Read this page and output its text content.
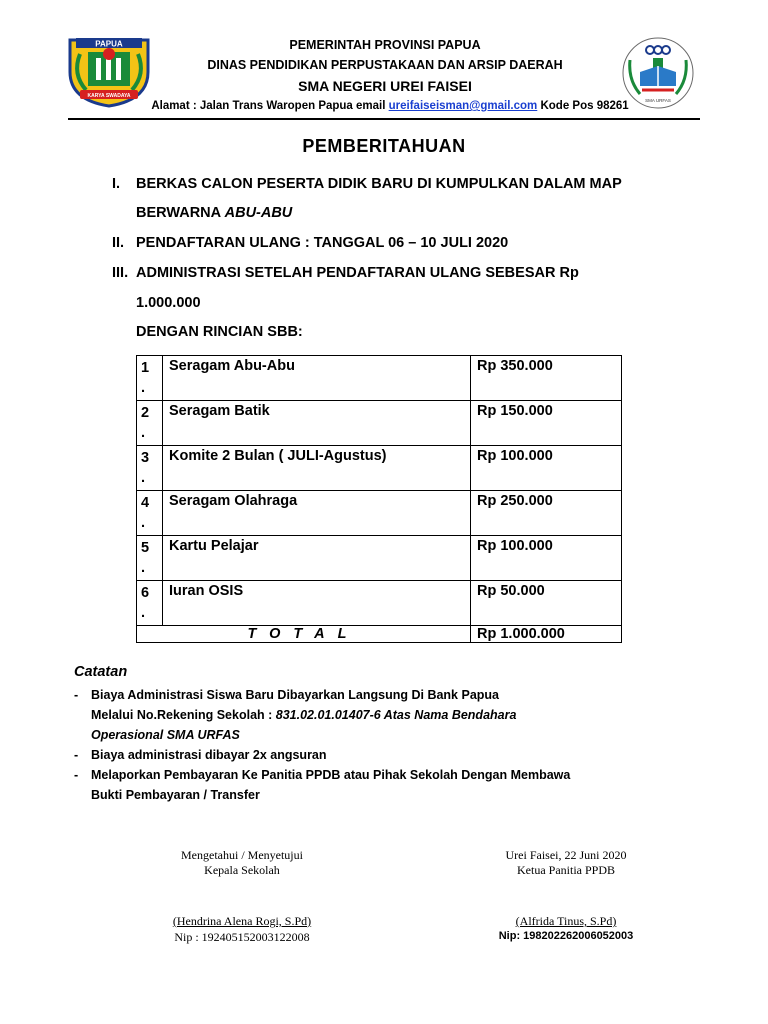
PAPUA
KARYA SWADAYA
SMA URFAS
PEMERINTAH PROVINSI PAPUA
DINAS PENDIDIKAN PERPUSTAKAAN DAN ARSIP DAERAH
SMA NEGERI UREI FAISEI
Alamat : Jalan Trans Waropen Papua email ureifaiseisman@gmail.com Kode Pos 98261
PEMBERITAHUAN
I. BERKAS CALON PESERTA DIDIK BARU DI KUMPULKAN DALAM MAP
BERWARNA ABU-ABU
II. PENDAFTARAN ULANG : TANGGAL 06 – 10 JULI 2020
III. ADMINISTRASI SETELAH PENDAFTARAN ULANG SEBESAR Rp
1.000.000
DENGAN RINCIAN SBB:
1
.	Seragam Abu-Abu	Rp 350.000
2
.	Seragam Batik	Rp 150.000
3
.	Komite 2 Bulan ( JULI-Agustus)	Rp 100.000
4
.	Seragam Olahraga	Rp 250.000
5
.	Kartu Pelajar	Rp 100.000
6
.	Iuran OSIS	Rp 50.000
TOTAL		Rp 1.000.000
Catatan
- Biaya Administrasi Siswa Baru Dibayarkan Langsung Di Bank Papua
Melalui No.Rekening Sekolah : 831.02.01.01407-6 Atas Nama Bendahara
Operasional SMA URFAS
- Biaya administrasi dibayar 2x angsuran
- Melaporkan Pembayaran Ke Panitia PPDB atau Pihak Sekolah Dengan Membawa
Bukti Pembayaran / Transfer
Mengetahui / Menyetujui
Kepala Sekolah
(Hendrina Alena Rogi, S.Pd)
Nip : 192405152003122008
Urei Faisei, 22 Juni 2020
Ketua Panitia PPDB
(Alfrida Tinus, S.Pd)
Nip: 198202262006052003
